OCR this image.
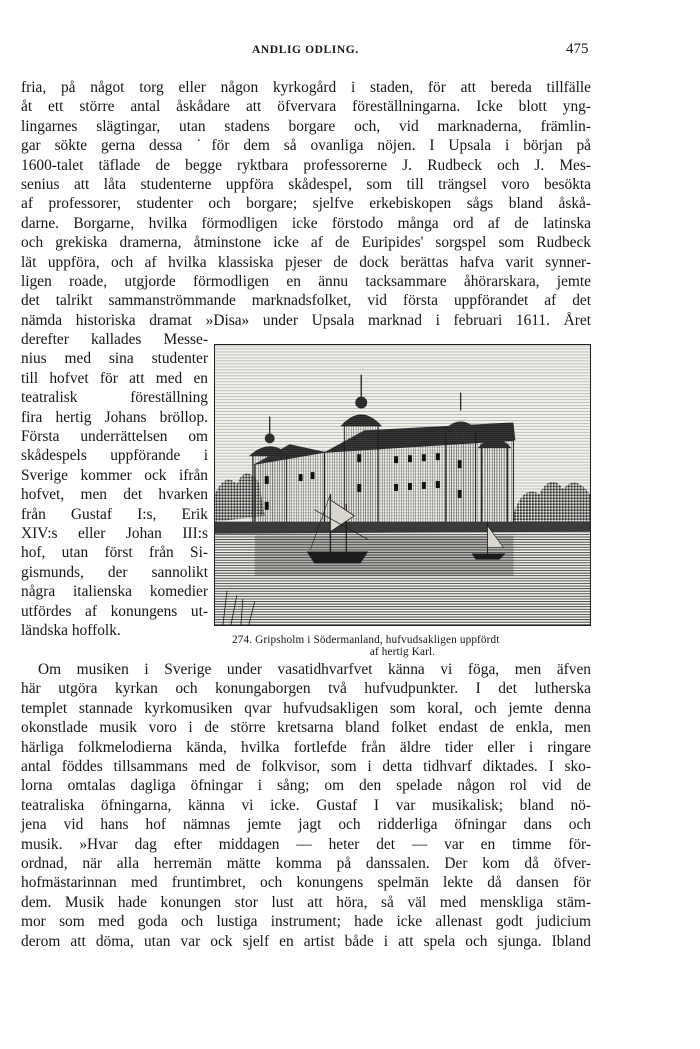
ANDLIG ODLING.	475
fria, på något torg eller någon kyrkogård i staden, för att bereda tillfälle
åt ett större antal åskådare att öfvervara föreställningarna. Icke blott yng-
lingarnes slägtingar, utan stadens borgare och, vid marknaderna, främlin-
gar sökte gerna dessa ˙för dem så ovanliga nöjen. I Upsala i början på
1600-talet täflade de begge ryktbara professorerne J. Rudbeck och J. Mes-
senius att låta studenterne uppföra skådespel, som till trängsel voro besökta
af professorer, studenter och borgare; sjelfve erkebiskopen sågs bland åskå-
darne. Borgarne, hvilka förmodligen icke förstodo många ord af de latinska
och grekiska dramerna, åtminstone icke af de Euripides' sorgspel som Rudbeck
lät uppföra, och af hvilka klassiska pjeser de dock berättas hafva varit synner-
ligen roade, utgjorde förmodligen en ännu tacksammare åhörarskara, jemte
det talrikt sammanströmmande marknadsfolket, vid första uppförandet af det
nämda historiska dramat »Disa» under Upsala marknad i februari 1611. Året
derefter kallades Messe-
nius med sina studenter
till hofvet för att med en
teatralisk föreställning
fira hertig Johans bröllop.
Första underrättelsen om
skådespels uppförande i
Sverige kommer ock ifrån
hofvet, men det hvarken
från Gustaf I:s, Erik
XIV:s eller Johan III:s
hof, utan först från Si-
gismunds, der sannolikt
några italienska komedier
utfördes af konungens ut-
ländska hoffolk.
274. Gripsholm i Södermanland, hufvudsakligen uppfördt
af hertig Karl.
Om musiken i Sverige under vasatidhvarfvet känna vi föga, men äfven
här utgöra kyrkan och konungaborgen två hufvudpunkter. I det lutherska
templet stannade kyrkomusiken qvar hufvudsakligen som koral, och jemte denna
okonstlade musik voro i de större kretsarna bland folket endast de enkla, men
härliga folkmelodierna kända, hvilka fortlefde från äldre tider eller i ringare
antal föddes tillsammans med de folkvisor, som i detta tidhvarf diktades. I sko-
lorna omtalas dagliga öfningar i sång; om den spelade någon rol vid de
teatraliska öfningarna, känna vi icke. Gustaf I var musikalisk; bland nö-
jena vid hans hof nämnas jemte jagt och ridderliga öfningar dans och
musik. »Hvar dag efter middagen — heter det — var en timme för-
ordnad, när alla herremän mätte komma på danssalen. Der kom då öfver-
hofmästarinnan med fruntimbret, och konungens spelmän lekte då dansen för
dem. Musik hade konungen stor lust att höra, så väl med menskliga stäm-
mor som med goda och lustiga instrument; hade icke allenast godt judicium
derom att döma, utan var ock sjelf en artist både i att spela och sjunga. Ibland
